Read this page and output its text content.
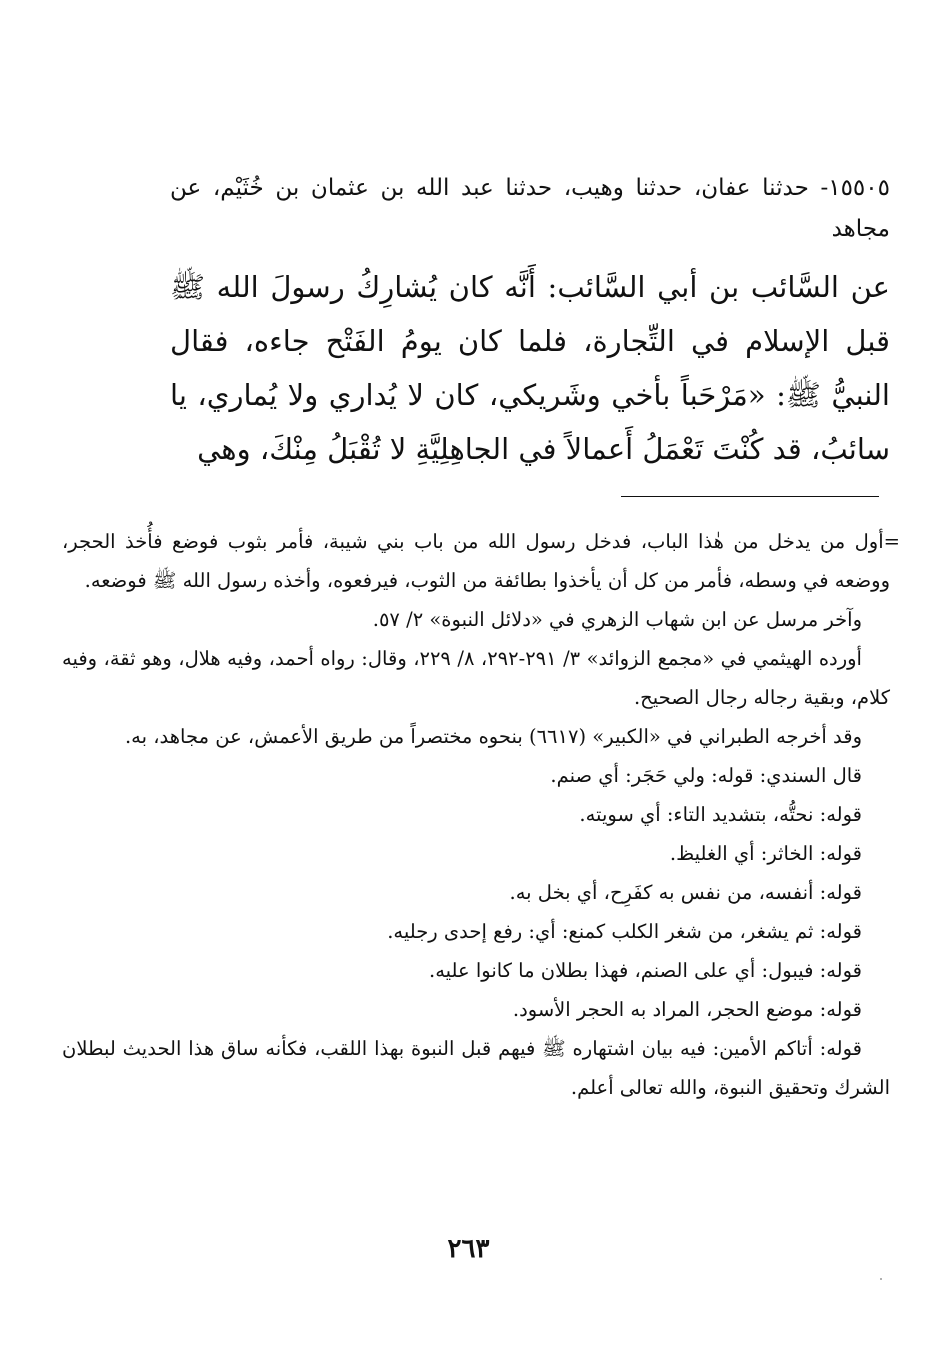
١٥٥٠٥- حدثنا عفان، حدثنا وهيب، حدثنا عبد الله بن عثمان بن خُثَيْم، عن مجاهد

عن السَّائب بن أبي السَّائب: أَنَّه كان يُشارِكُ رسولَ الله ﷺ قبل الإسلام في التِّجارة، فلما كان يومُ الفَتْح جاءه، فقال النبيُّ ﷺ: «مَرْحَباً بأخي وشَريكي، كان لا يُداري ولا يُماري، يا سائبُ، قد كُنْتَ تَعْمَلُ أَعمالاً في الجاهِلِيَّةِ لا تُقْبَلُ مِنْكَ، وهي

=أول من يدخل من هٰذا الباب، فدخل رسول الله من باب بني شيبة، فأمر بثوب فوضع فأُخذ الحجر، ووضعه في وسطه، فأمر من كل أن يأخذوا بطائفة من الثوب، فيرفعوه، وأخذه رسول الله ﷺ فوضعه.

وآخر مرسل عن ابن شهاب الزهري في «دلائل النبوة» ٢/ ٥٧.

أورده الهيثمي في «مجمع الزوائد» ٣/ ٢٩١-٢٩٢، ٨/ ٢٢٩، وقال: رواه أحمد، وفيه هلال، وهو ثقة، وفيه كلام، وبقية رجاله رجال الصحيح.

وقد أخرجه الطبراني في «الكبير» (٦٦١٧) بنحوه مختصراً من طريق الأعمش، عن مجاهد، به.

قال السندي: قوله: ولي حَجَر: أي صنم.

قوله: نحتُّه، بتشديد التاء: أي سويته.

قوله: الخاثر: أي الغليظ.

قوله: أنفسه، من نفس به كفَرِح، أي بخل به.

قوله: ثم يشغر، من شغر الكلب كمنع: أي: رفع إحدى رجليه.

قوله: فيبول: أي على الصنم، فهذا بطلان ما كانوا عليه.

قوله: موضع الحجر، المراد به الحجر الأسود.

قوله: أتاكم الأمين: فيه بيان اشتهاره ﷺ فيهم قبل النبوة بهذا اللقب، فكأنه ساق هذا الحديث لبطلان الشرك وتحقيق النبوة، والله تعالى أعلم.

٢٦٣
